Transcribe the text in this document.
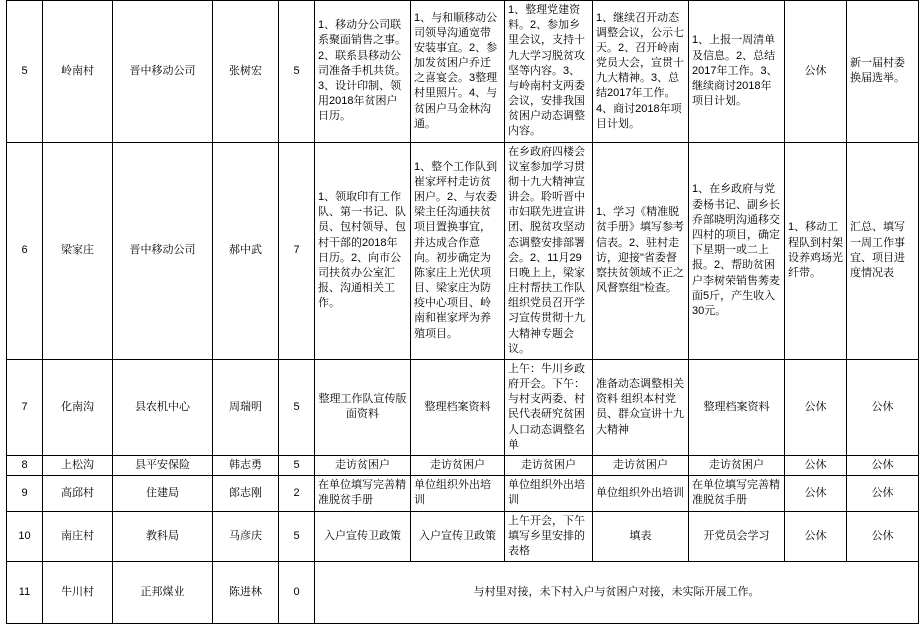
5	岭南村	晋中移动公司	张树宏	5	1、移动分公司联系聚面销售之事。2、联系县移动公司准备手机共货。3、设计印制、领用2018年贫困户日历。	1、与和顺移动公司领导沟通宽带安装事宜。2、参加发贫困户乔迁之喜宴会。3整理村里照片。4、与贫困户马金林沟通。	1、整理党建资料。2、参加乡里会议，支持十九大学习脱贫攻坚等内容。3、与岭南村支两委会议，安排我国贫困户动态调整内容。	1、继续召开动态调整会议，公示七天。2、召开岭南党员大会，宣贯十九大精神。3、总结2017年工作。4、商讨2018年项目计划。	1、上报一周清单及信息。2、总结2017年工作。3、继续商讨2018年项目计划。	公休	新一届村委换届选举。
6	梁家庄	晋中移动公司	郝中武	7	1、领取印有工作队、第一书记、队员、包村领导、包村干部的2018年日历。2、向市公司扶贫办公室汇报、沟通相关工作。	1、整个工作队到崔家坪村走访贫困户。2、与农委梁主任沟通扶贫项目置换事宜，并达成合作意向。初步确定为陈家庄上光伏项目、梁家庄为防疫中心项目、岭南和崔家坪为养殖项目。	在乡政府四楼会议室参加学习贯彻十九大精神宣讲会。聆听晋中市妇联先进宣讲团、脱贫攻坚动态调整安排部署会。2、11月29日晚上上，梁家庄村帮扶工作队组织党员召开学习宣传贯彻十九大精神专题会议。	1、学习《精准脱贫手册》填写参考信表。2、驻村走访，迎接"省委督察扶贫领域不正之风督察组"检查。	1、在乡政府与党委杨书记、副乡长乔部晓明沟通移交四村的项目，确定下星期一或二上报。2、帮助贫困户李树荣销售莠麦面5斤，产生收入30元。	1、移动工程队到村架设养鸡场光纤带。	汇总、填写一周工作事宜、项目进度情况表
7	化南沟	县农机中心	周瑞明	5	整理工作队宣传版面资料	整理档案资料	上午：牛川乡政府开会。下午：与村支两委、村民代表研究贫困人口动态调整名单	准备动态调整相关资料 组织本村党员、群众宣讲十九大精神	整理档案资料	公休	公休
8	上松沟	县平安保险	韩志勇	5	走访贫困户	走访贫困户	走访贫困户	走访贫困户	走访贫困户	公休	公休
9	高邱村	住建局	郎志刚	2	在单位填写完善精准脱贫手册	单位组织外出培训	单位组织外出培训	单位组织外出培训	在单位填写完善精准脱贫手册	公休	公休
10	南庄村	教科局	马彦庆	5	入户宣传卫政策	入户宣传卫政策	上午开会，下午填写乡里安排的表格	填表	开党员会学习	公休	公休
11	牛川村	正邦煤业	陈进林	0	与村里对接，未下村入户与贫困户对接，未实际开展工作。						
